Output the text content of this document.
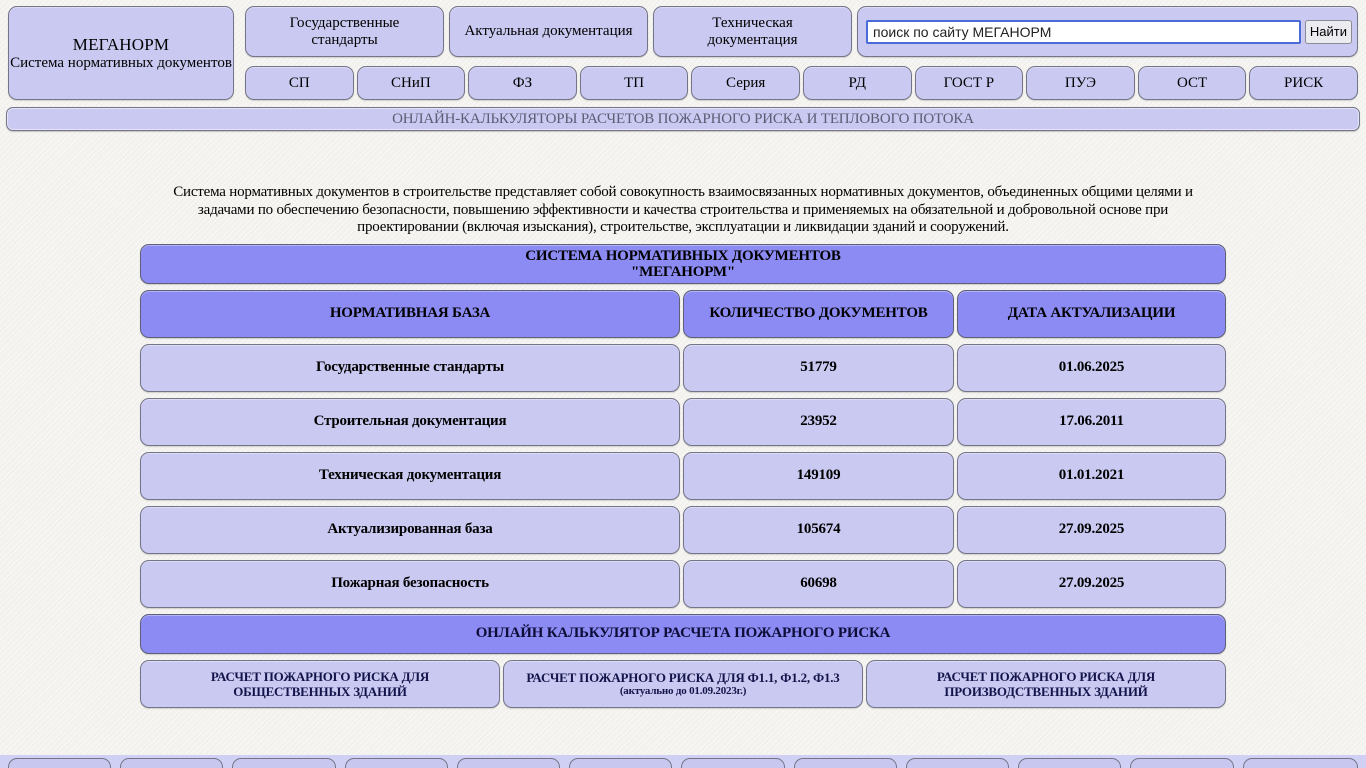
МЕГАНОРМ
Система нормативных документов
Государственные стандарты
Актуальная документация
Техническая документация
поиск по сайту МЕГАНОРМ	Найти
СП	СНиП	ФЗ	ТП	Серия	РД	ГОСТ Р	ПУЭ	ОСТ	РИСК
ОНЛАЙН-КАЛЬКУЛЯТОРЫ РАСЧЕТОВ ПОЖАРНОГО РИСКА И ТЕПЛОВОГО ПОТОКА
Система нормативных документов в строительстве представляет собой совокупность взаимосвязанных нормативных документов, объединенных общими целями и задачами по обеспечению безопасности, повышению эффективности и качества строительства и применяемых на обязательной и добровольной основе при проектировании (включая изыскания), строительстве, эксплуатации и ликвидации зданий и сооружений.
СИСТЕМА НОРМАТИВНЫХ ДОКУМЕНТОВ
"МЕГАНОРМ"
НОРМАТИВНАЯ БАЗА	КОЛИЧЕСТВО ДОКУМЕНТОВ	ДАТА АКТУАЛИЗАЦИИ
Государственные стандарты	51779	01.06.2025
Строительная документация	23952	17.06.2011
Техническая документация	149109	01.01.2021
Актуализированная база	105674	27.09.2025
Пожарная безопасность	60698	27.09.2025
ОНЛАЙН КАЛЬКУЛЯТОР РАСЧЕТА ПОЖАРНОГО РИСКА
РАСЧЕТ ПОЖАРНОГО РИСКА ДЛЯ ОБЩЕСТВЕННЫХ ЗДАНИЙ
РАСЧЕТ ПОЖАРНОГО РИСКА ДЛЯ Ф1.1, Ф1.2, Ф1.3
(актуально до 01.09.2023г.)
РАСЧЕТ ПОЖАРНОГО РИСКА ДЛЯ ПРОИЗВОДСТВЕННЫХ ЗДАНИЙ
